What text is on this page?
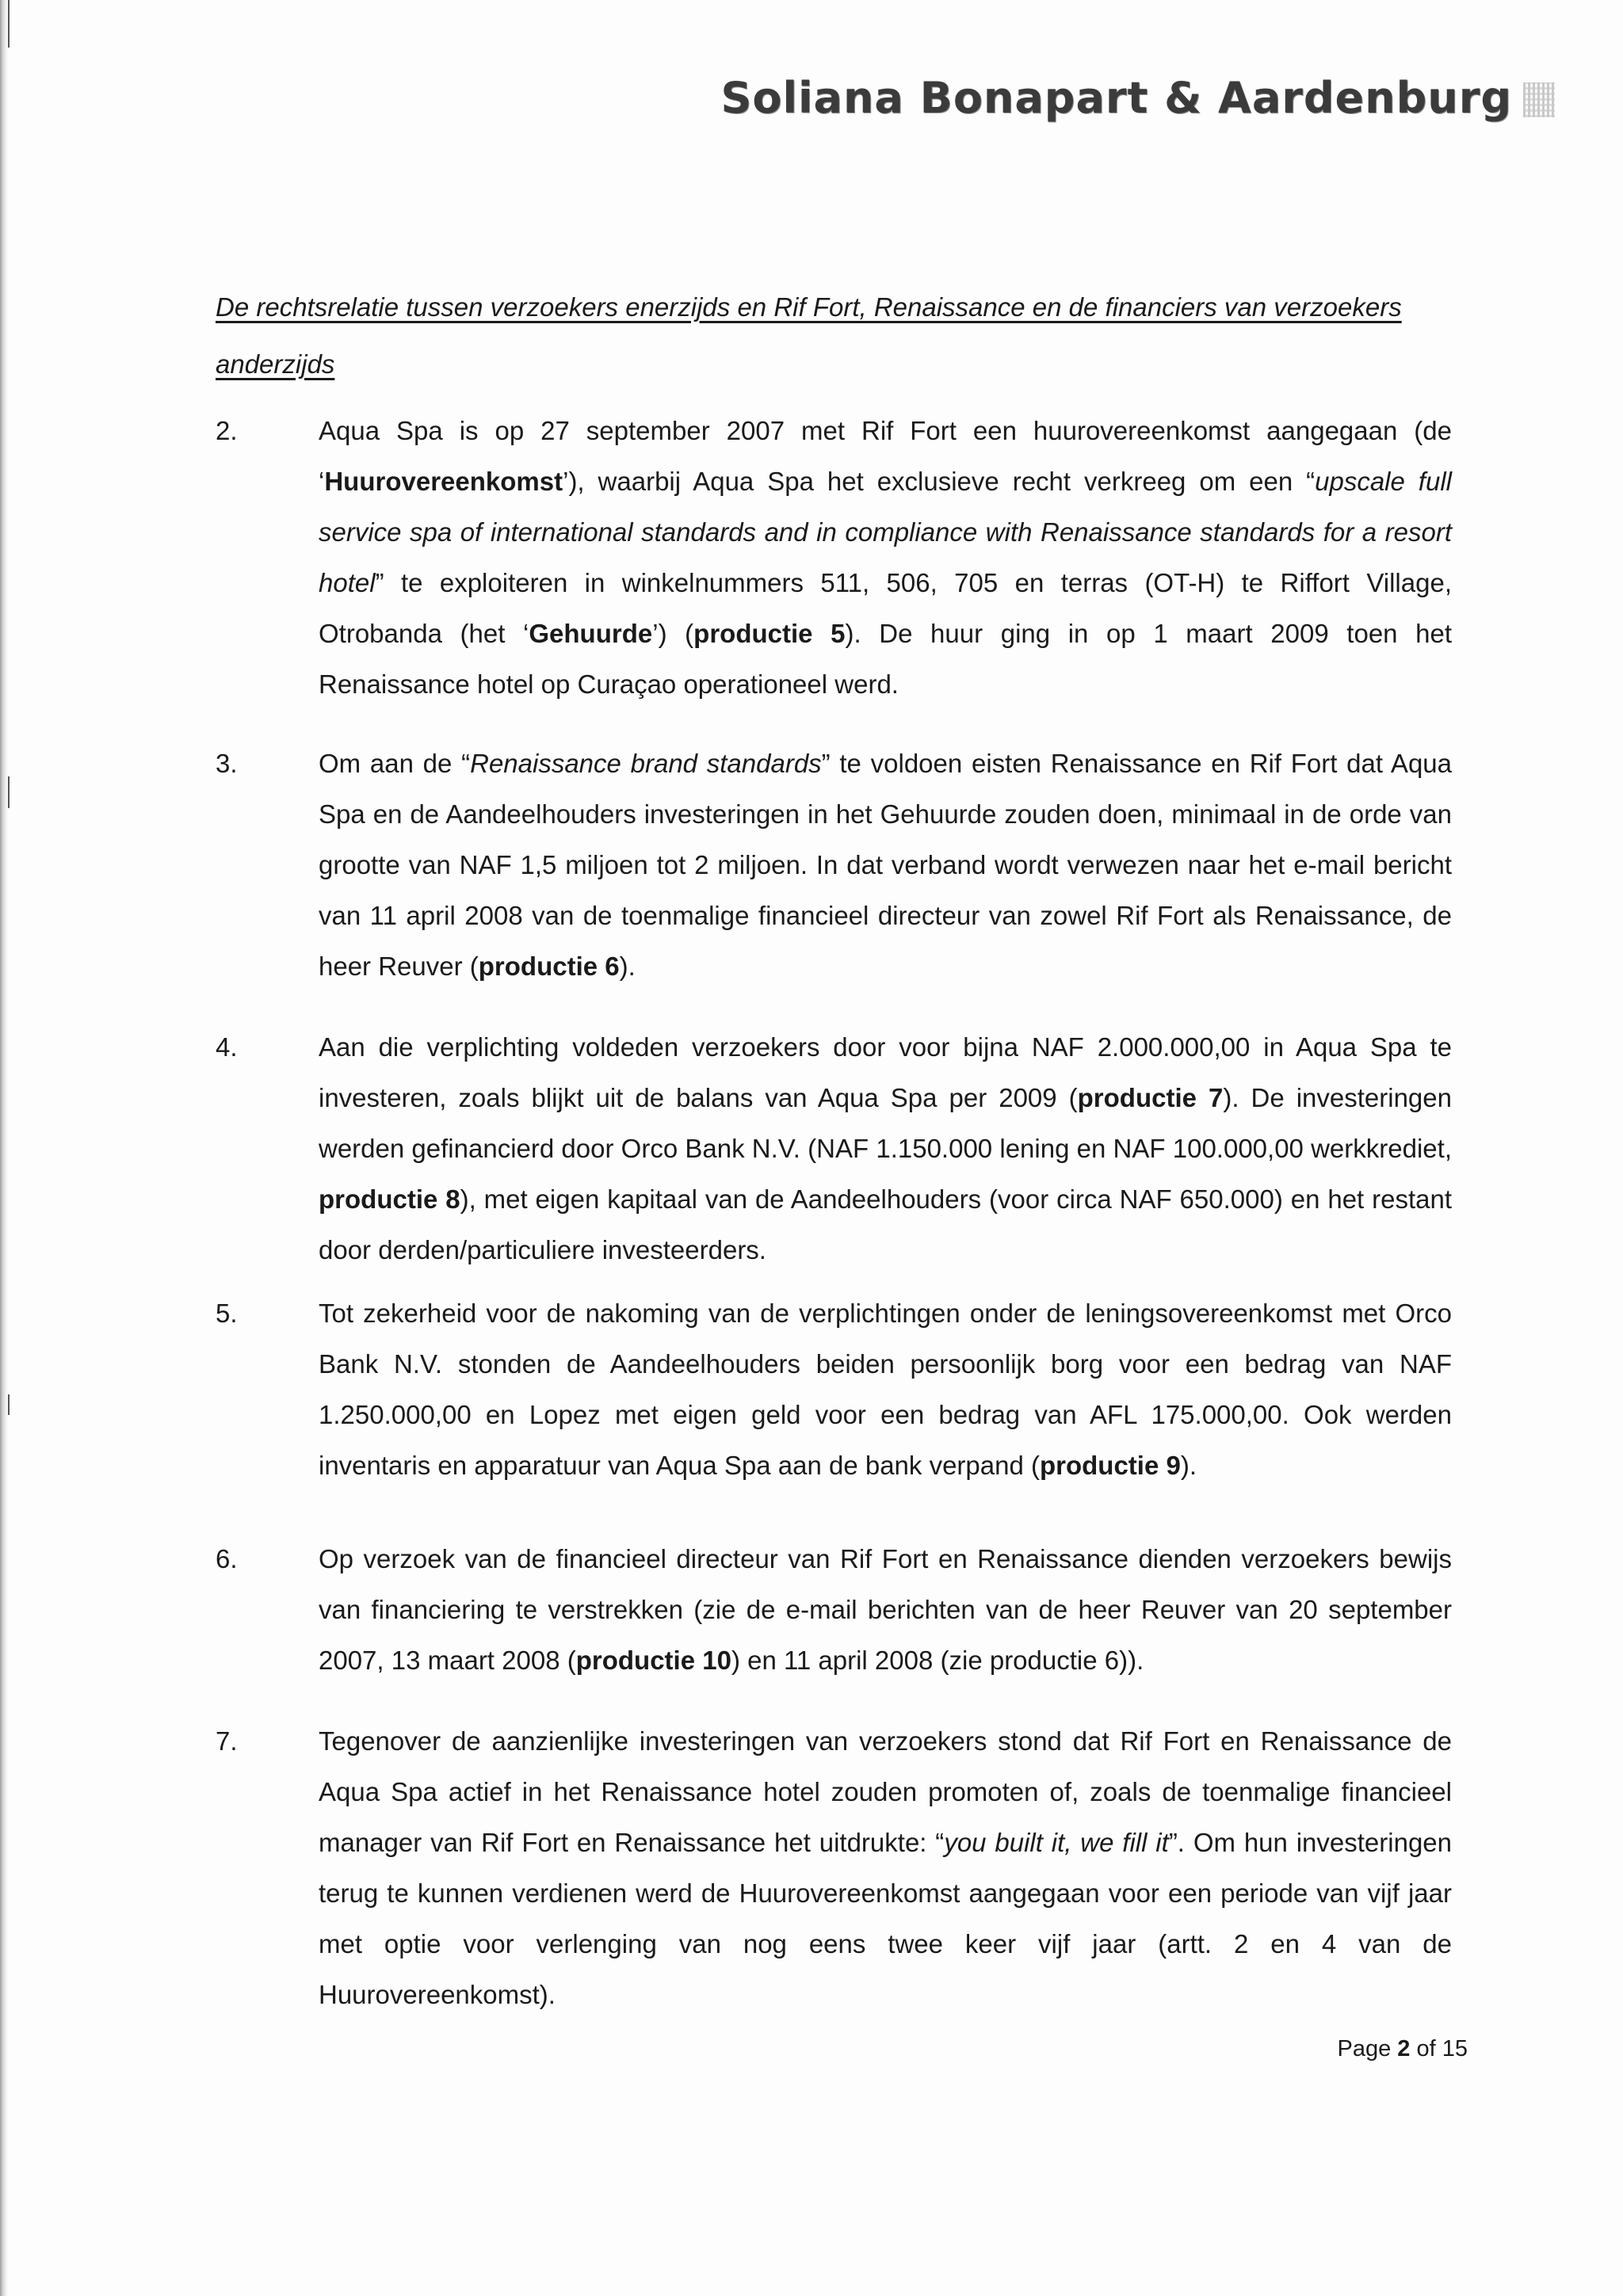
Soliana Bonapart & Aardenburg
De rechtsrelatie tussen verzoekers enerzijds en Rif Fort, Renaissance en de financiers van verzoekers anderzijds
2.	Aqua Spa is op 27 september 2007 met Rif Fort een huurovereenkomst aangegaan (de ‘Huurovereenkomst’), waarbij Aqua Spa het exclusieve recht verkreeg om een “upscale full service spa of international standards and in compliance with Renaissance standards for a resort hotel” te exploiteren in winkelnummers 511, 506, 705 en terras (OT-H) te Riffort Village, Otrobanda (het ‘Gehuurde’) (productie 5). De huur ging in op 1 maart 2009 toen het Renaissance hotel op Curaçao operationeel werd.
3.	Om aan de “Renaissance brand standards” te voldoen eisten Renaissance en Rif Fort dat Aqua Spa en de Aandeelhouders investeringen in het Gehuurde zouden doen, minimaal in de orde van grootte van NAF 1,5 miljoen tot 2 miljoen. In dat verband wordt verwezen naar het e-mail bericht van 11 april 2008 van de toenmalige financieel directeur van zowel Rif Fort als Renaissance, de heer Reuver (productie 6).
4.	Aan die verplichting voldeden verzoekers door voor bijna NAF 2.000.000,00 in Aqua Spa te investeren, zoals blijkt uit de balans van Aqua Spa per 2009 (productie 7). De investeringen werden gefinancierd door Orco Bank N.V. (NAF 1.150.000 lening en NAF 100.000,00 werkkrediet, productie 8), met eigen kapitaal van de Aandeelhouders (voor circa NAF 650.000) en het restant door derden/particuliere investeerders.
5.	Tot zekerheid voor de nakoming van de verplichtingen onder de leningsovereenkomst met Orco Bank N.V. stonden de Aandeelhouders beiden persoonlijk borg voor een bedrag van NAF 1.250.000,00 en Lopez met eigen geld voor een bedrag van AFL 175.000,00. Ook werden inventaris en apparatuur van Aqua Spa aan de bank verpand (productie 9).
6.	Op verzoek van de financieel directeur van Rif Fort en Renaissance dienden verzoekers bewijs van financiering te verstrekken (zie de e-mail berichten van de heer Reuver van 20 september 2007, 13 maart 2008 (productie 10) en 11 april 2008 (zie productie 6)).
7.	Tegenover de aanzienlijke investeringen van verzoekers stond dat Rif Fort en Renaissance de Aqua Spa actief in het Renaissance hotel zouden promoten of, zoals de toenmalige financieel manager van Rif Fort en Renaissance het uitdrukte: “you built it, we fill it”. Om hun investeringen terug te kunnen verdienen werd de Huurovereenkomst aangegaan voor een periode van vijf jaar met optie voor verlenging van nog eens twee keer vijf jaar (artt. 2 en 4 van de Huurovereenkomst).
Page 2 of 15
